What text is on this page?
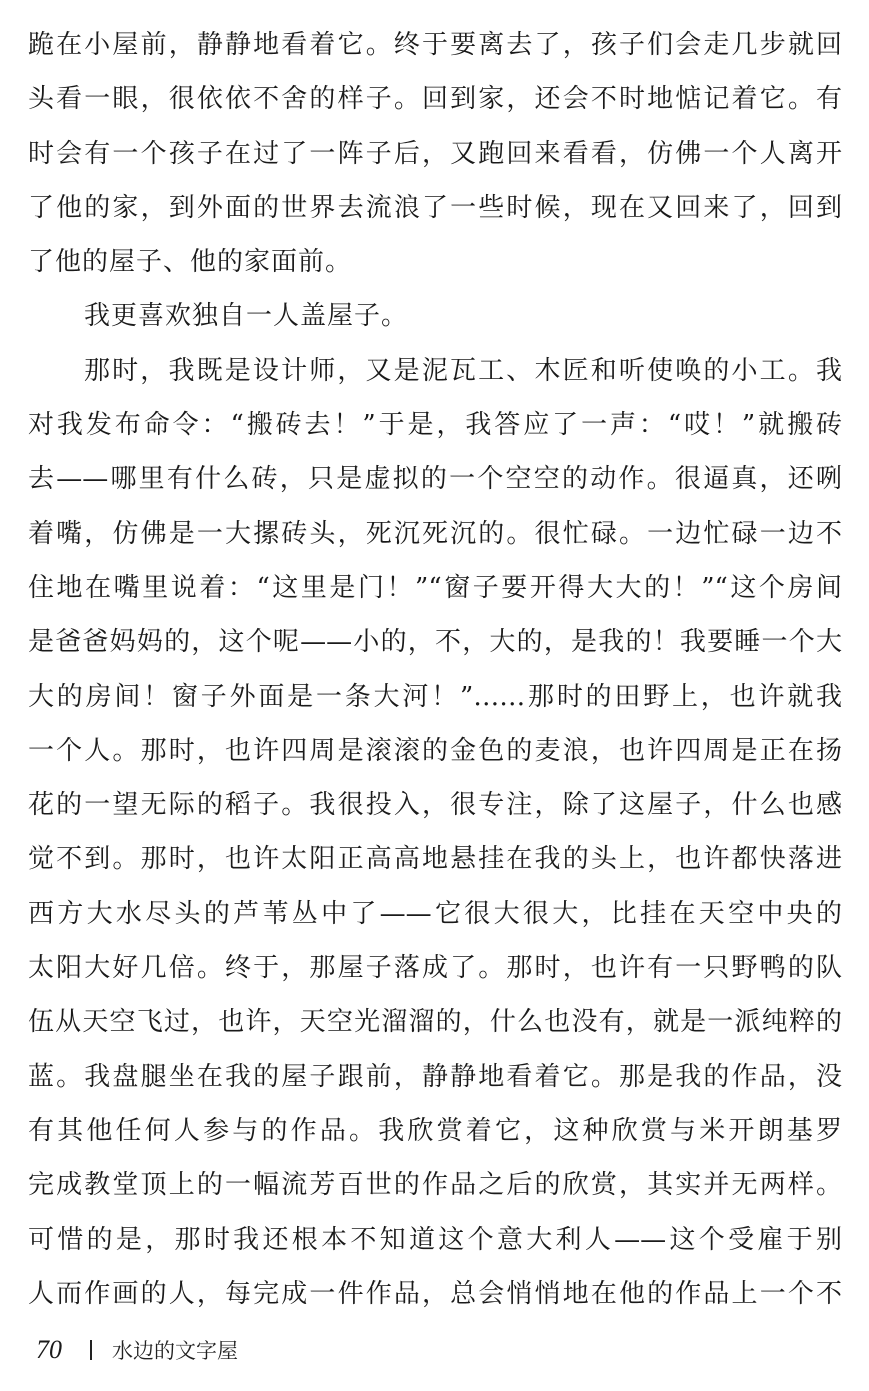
跪在小屋前，静静地看着它。终于要离去了，孩子们会走几步就回
头看一眼，很依依不舍的样子。回到家，还会不时地惦记着它。有
时会有一个孩子在过了一阵子后，又跑回来看看，仿佛一个人离开
了他的家，到外面的世界去流浪了一些时候，现在又回来了，回到
了他的屋子、他的家面前。
我更喜欢独自一人盖屋子。
那时，我既是设计师，又是泥瓦工、木匠和听使唤的小工。我
对我发布命令：“搬砖去！”于是，我答应了一声：“哎！”就搬砖
去——哪里有什么砖，只是虚拟的一个空空的动作。很逼真，还咧
着嘴，仿佛是一大摞砖头，死沉死沉的。很忙碌。一边忙碌一边不
住地在嘴里说着：“这里是门！”“窗子要开得大大的！”“这个房间
是爸爸妈妈的，这个呢——小的，不，大的，是我的！我要睡一个大
大的房间！窗子外面是一条大河！”……那时的田野上，也许就我
一个人。那时，也许四周是滚滚的金色的麦浪，也许四周是正在扬
花的一望无际的稻子。我很投入，很专注，除了这屋子，什么也感
觉不到。那时，也许太阳正高高地悬挂在我的头上，也许都快落进
西方大水尽头的芦苇丛中了——它很大很大，比挂在天空中央的
太阳大好几倍。终于，那屋子落成了。那时，也许有一只野鸭的队
伍从天空飞过，也许，天空光溜溜的，什么也没有，就是一派纯粹的
蓝。我盘腿坐在我的屋子跟前，静静地看着它。那是我的作品，没
有其他任何人参与的作品。我欣赏着它，这种欣赏与米开朗基罗
完成教堂顶上的一幅流芳百世的作品之后的欣赏，其实并无两样。
可惜的是，那时我还根本不知道这个意大利人——这个受雇于别
人而作画的人，每完成一件作品，总会悄悄地在他的作品上一个不
70 水边的文字屋
